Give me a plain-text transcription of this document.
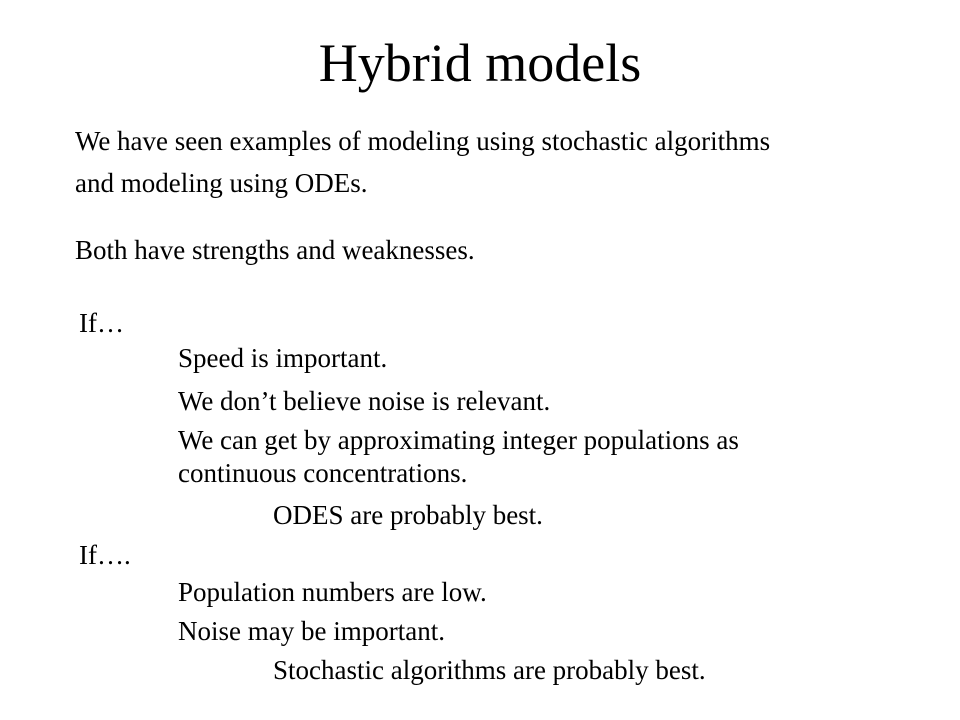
Hybrid models
We have seen examples of modeling using stochastic algorithms
and modeling using ODEs.
Both have strengths and weaknesses.
If…
Speed is important.
We don’t believe noise is relevant.
We can get by approximating integer populations as
continuous concentrations.
ODES are probably best.
If….
Population numbers are low.
Noise may be important.
Stochastic algorithms are probably best.
